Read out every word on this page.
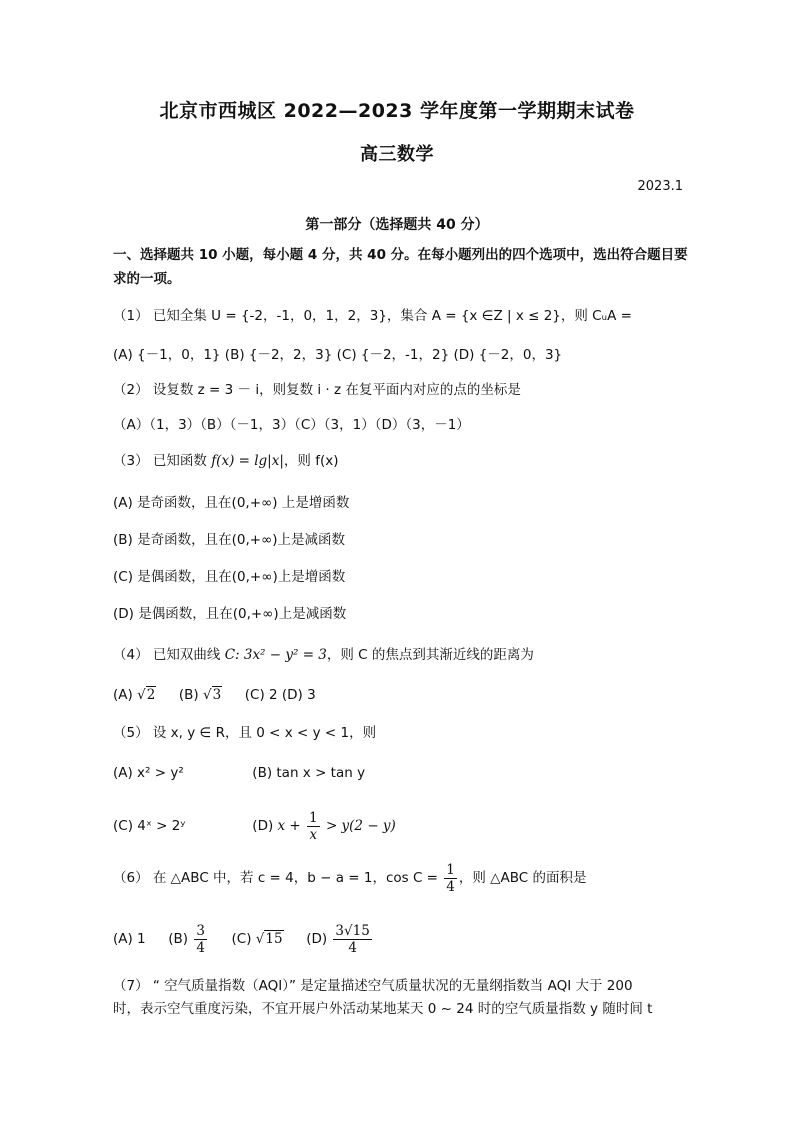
北京市西城区 2022—2023 学年度第一学期期末试卷
高三数学
2023.1
第一部分（选择题共 40 分）
一、选择题共 10 小题，每小题 4 分，共 40 分。在每小题列出的四个选项中，选出符合题目要求的一项。
（1） 已知全集 U = {-2，-1，0，1，2，3}，集合 A = {x ∈Z | x ≤ 2}，则 CᵤA =
(A) {－1，0，1} (B) {－2，2，3} (C) {－2，-1，2} (D) {－2，0，3}
（2） 设复数 z = 3 － i，则复数 i · z 在复平面内对应的点的坐标是
（A）（1，3）（B）（－1，3）（C）（3，1）（D）（3，－1）
（3） 已知函数 f(x) = lg|x|，则 f(x)
(A) 是奇函数，且在(0,+∞) 上是增函数
(B) 是奇函数，且在(0,+∞)上是减函数
(C) 是偶函数，且在(0,+∞)上是增函数
(D) 是偶函数，且在(0,+∞)上是减函数
（4） 已知双曲线 C: 3x² − y² = 3，则 C 的焦点到其渐近线的距离为
(A) √2 (B) √3 (C) 2 (D) 3
（5） 设 x, y ∈ R，且 0 < x < y < 1，则
(A) x² > y²	(B) tan x > tan y
(C) 4ˣ > 2ʸ	(D) $x + \frac{1}{x} > y(2 - y)$
（6） 在 △ABC 中，若 c = 4，b − a = 1，$\cos C = \frac{1}{4}$ ，则 △ABC 的面积是
(A) 1 $(B) \frac{3}{4} (C)$ √15 $(D) \frac{3√15}{4}$
（7） “ 空气质量指数（AQI）” 是定量描述空气质量状况的无量纲指数当 AQI 大于 200
时，表示空气重度污染，不宜开展户外活动某地某天 0 ~ 24 时的空气质量指数 y 随时间 t
